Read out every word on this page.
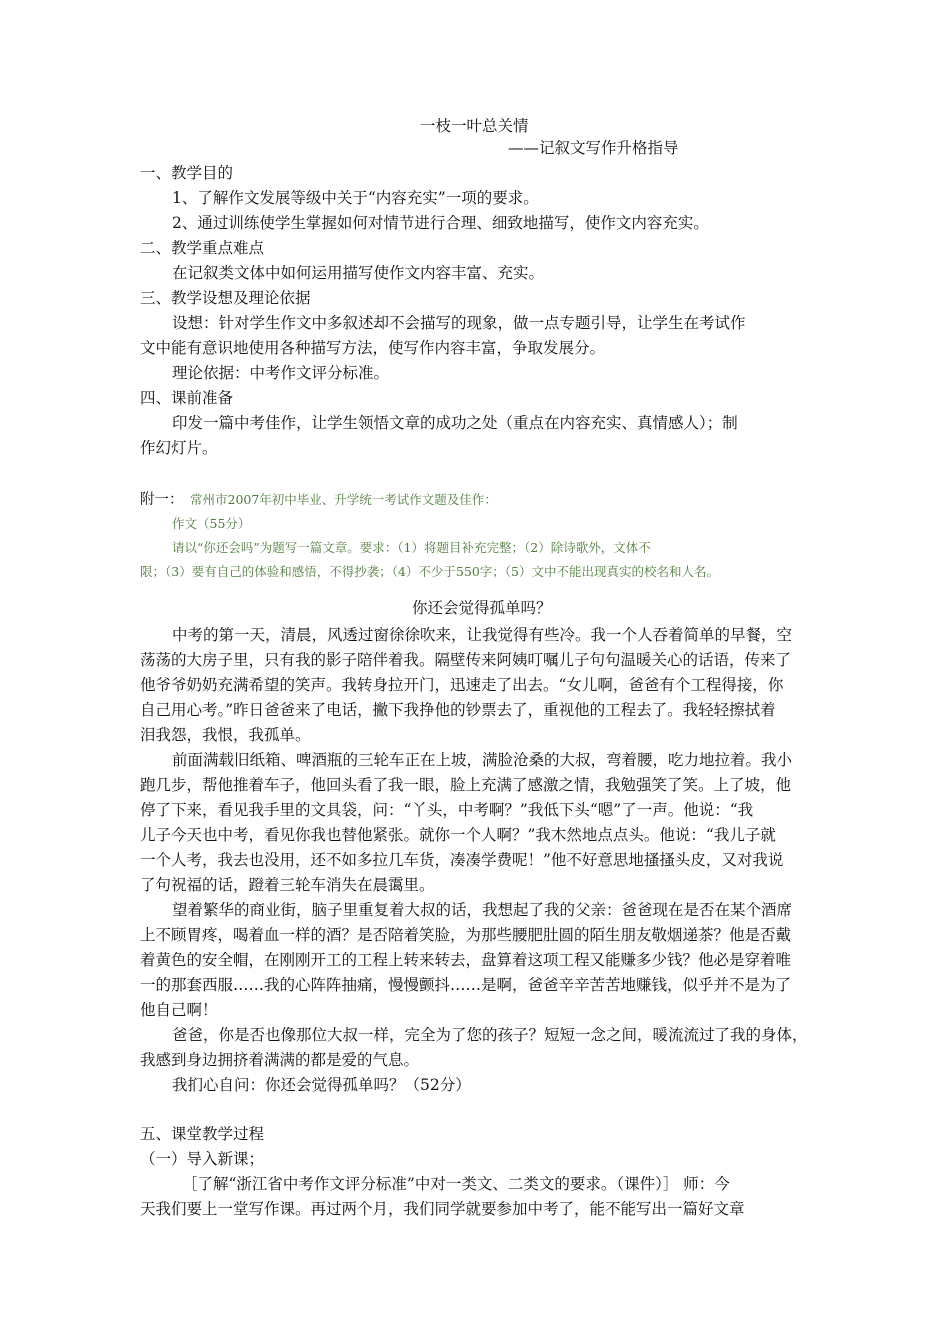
一枝一叶总关情
——记叙文写作升格指导
一、教学目的
1、了解作文发展等级中关于“内容充实”一项的要求。
2、通过训练使学生掌握如何对情节进行合理、细致地描写，使作文内容充实。
二、教学重点难点
在记叙类文体中如何运用描写使作文内容丰富、充实。
三、教学设想及理论依据
设想：针对学生作文中多叙述却不会描写的现象，做一点专题引导，让学生在考试作
文中能有意识地使用各种描写方法，使写作内容丰富，争取发展分。
理论依据：中考作文评分标准。
四、课前准备
印发一篇中考佳作，让学生领悟文章的成功之处（重点在内容充实、真情感人）；制
作幻灯片。
附一： 常州市2007年初中毕业、升学统一考试作文题及佳作：
作文（55分）
请以“你还会吗”为题写一篇文章。要求：（1）将题目补充完整；（2）除诗歌外，文体不
限；（3）要有自己的体验和感悟，不得抄袭；（4）不少于550字；（5）文中不能出现真实的校名和人名。
你还会觉得孤单吗？
中考的第一天，清晨，风透过窗徐徐吹来，让我觉得有些冷。我一个人吞着简单的早餐，空
荡荡的大房子里，只有我的影子陪伴着我。隔壁传来阿姨叮嘱儿子句句温暖关心的话语，传来了
他爷爷奶奶充满希望的笑声。我转身拉开门，迅速走了出去。“女儿啊，爸爸有个工程得接，你
自己用心考。”昨日爸爸来了电话，撇下我挣他的钞票去了，重视他的工程去了。我轻轻擦拭着
泪我怨，我恨，我孤单。
前面满载旧纸箱、啤酒瓶的三轮车正在上坡，满脸沧桑的大叔，弯着腰，吃力地拉着。我小
跑几步，帮他推着车子，他回头看了我一眼，脸上充满了感激之情，我勉强笑了笑。上了坡，他
停了下来，看见我手里的文具袋，问：“丫头，中考啊？”我低下头“嗯”了一声。他说：“我
儿子今天也中考，看见你我也替他紧张。就你一个人啊？”我木然地点点头。他说：“我儿子就
一个人考，我去也没用，还不如多拉几车货，凑凑学费呢！”他不好意思地搔搔头皮，又对我说
了句祝福的话，蹬着三轮车消失在晨霭里。
望着繁华的商业街，脑子里重复着大叔的话，我想起了我的父亲：爸爸现在是否在某个酒席
上不顾胃疼，喝着血一样的酒？是否陪着笑脸，为那些腰肥肚圆的陌生朋友敬烟递茶？他是否戴
着黄色的安全帽，在刚刚开工的工程上转来转去，盘算着这项工程又能赚多少钱？他必是穿着唯
一的那套西服……我的心阵阵抽痛，慢慢颤抖……是啊，爸爸辛辛苦苦地赚钱，似乎并不是为了
他自己啊！
爸爸，你是否也像那位大叔一样，完全为了您的孩子？短短一念之间，暖流流过了我的身体，
我感到身边拥挤着满满的都是爱的气息。
我扪心自问：你还会觉得孤单吗？（52分）
五、课堂教学过程
（一）导入新课；
［了解“浙江省中考作文评分标准”中对一类文、二类文的要求。（课件）］ 师：今
天我们要上一堂写作课。再过两个月，我们同学就要参加中考了，能不能写出一篇好文章
